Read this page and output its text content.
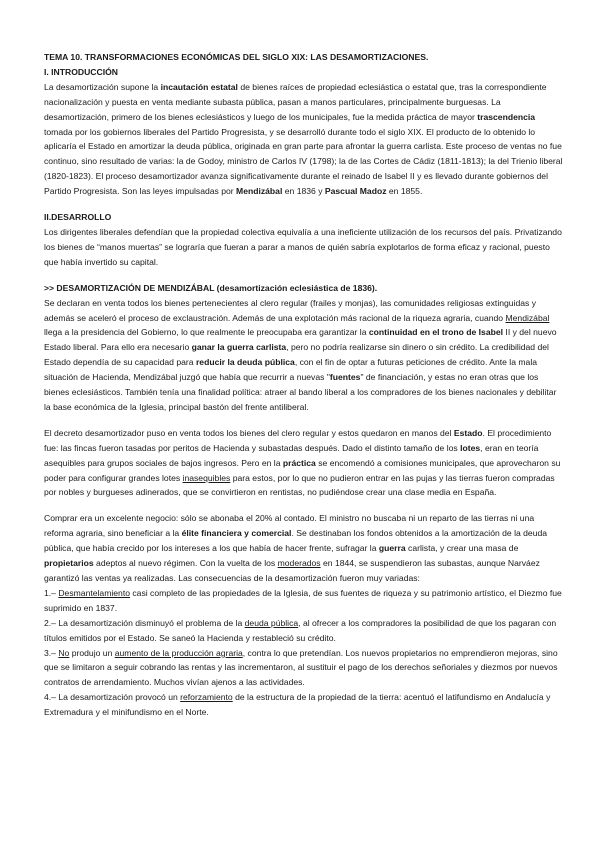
TEMA 10. TRANSFORMACIONES ECONÓMICAS DEL SIGLO XIX: LAS DESAMORTIZACIONES.

I. INTRODUCCIÓN

La desamortización supone la incautación estatal de bienes raíces de propiedad eclesiástica o estatal que, tras la correspondiente nacionalización y puesta en venta mediante subasta pública, pasan a manos particulares, principalmente burguesas. La desamortización, primero de los bienes eclesiásticos y luego de los municipales, fue la medida práctica de mayor trascendencia tomada por los gobiernos liberales del Partido Progresista, y se desarrolló durante todo el siglo XIX. El producto de lo obtenido lo aplicaría el Estado en amortizar la deuda pública, originada en gran parte para afrontar la guerra carlista. Este proceso de ventas no fue continuo, sino resultado de varias: la de Godoy, ministro de Carlos IV (1798); la de las Cortes de Cádiz (1811-1813); la del Trienio liberal (1820-1823). El proceso desamortizador avanza significativamente durante el reinado de Isabel II y es llevado durante gobiernos del Partido Progresista. Son las leyes impulsadas por Mendizábal en 1836 y Pascual Madoz en 1855.

II.DESARROLLO

Los dirigentes liberales defendían que la propiedad colectiva equivalía a una ineficiente utilización de los recursos del país. Privatizando los bienes de “manos muertas” se lograría que fueran a parar a manos de quién sabría explotarlos de forma eficaz y racional, puesto que había invertido su capital.

>> DESAMORTIZACIÓN DE MENDIZÁBAL (desamortización eclesiástica de 1836).

Se declaran en venta todos los bienes pertenecientes al clero regular (frailes y monjas), las comunidades religiosas extinguidas y además se aceleró el proceso de exclaustración. Además de una explotación más racional de la riqueza agraria, cuando Mendizábal llega a la presidencia del Gobierno, lo que realmente le preocupaba era garantizar la continuidad en el trono de Isabel II y del nuevo Estado liberal. Para ello era necesario ganar la guerra carlista, pero no podría realizarse sin dinero o sin crédito. La credibilidad del Estado dependía de su capacidad para reducir la deuda pública, con el fin de optar a futuras peticiones de crédito. Ante la mala situación de Hacienda, Mendizábal juzgó que había que recurrir a nuevas "fuentes" de financiación, y estas no eran otras que los bienes eclesiásticos. También tenía una finalidad política: atraer al bando liberal a los compradores de los bienes nacionales y debilitar la base económica de la Iglesia, principal bastón del frente antiliberal.

El decreto desamortizador puso en venta todos los bienes del clero regular y estos quedaron en manos del Estado. El procedimiento fue: las fincas fueron tasadas por peritos de Hacienda y subastadas después. Dado el distinto tamaño de los lotes, eran en teoría asequibles para grupos sociales de bajos ingresos. Pero en la práctica se encomendó a comisiones municipales, que aprovecharon su poder para configurar grandes lotes inasequibles para estos, por lo que no pudieron entrar en las pujas y las tierras fueron compradas por nobles y burgueses adinerados, que se convirtieron en rentistas, no pudiéndose crear una clase media en España.

Comprar era un excelente negocio: sólo se abonaba el 20% al contado. El ministro no buscaba ni un reparto de las tierras ni una reforma agraria, sino beneficiar a la élite financiera y comercial. Se destinaban los fondos obtenidos a la amortización de la deuda pública, que había crecido por los intereses a los que había de hacer frente, sufragar la guerra carlista, y crear una masa de propietarios adeptos al nuevo régimen. Con la vuelta de los moderados en 1844, se suspendieron las subastas, aunque Narváez garantizó las ventas ya realizadas. Las consecuencias de la desamortización fueron muy variadas:

1.– Desmantelamiento casi completo de las propiedades de la Iglesia, de sus fuentes de riqueza y su patrimonio artístico, el Diezmo fue suprimido en 1837.

2.– La desamortización disminuyó el problema de la deuda pública, al ofrecer a los compradores la posibilidad de que los pagaran con títulos emitidos por el Estado. Se saneó la Hacienda y restableció su crédito.

3.– No produjo un aumento de la producción agraria, contra lo que pretendían. Los nuevos propietarios no emprendieron mejoras, sino que se limitaron a seguir cobrando las rentas y las incrementaron, al sustituir el pago de los derechos señoriales y diezmos por nuevos contratos de arrendamiento. Muchos vivían ajenos a las actividades.

4.– La desamortización provocó un reforzamiento de la estructura de la propiedad de la tierra: acentuó el latifundismo en Andalucía y Extremadura y el minifundismo en el Norte.
